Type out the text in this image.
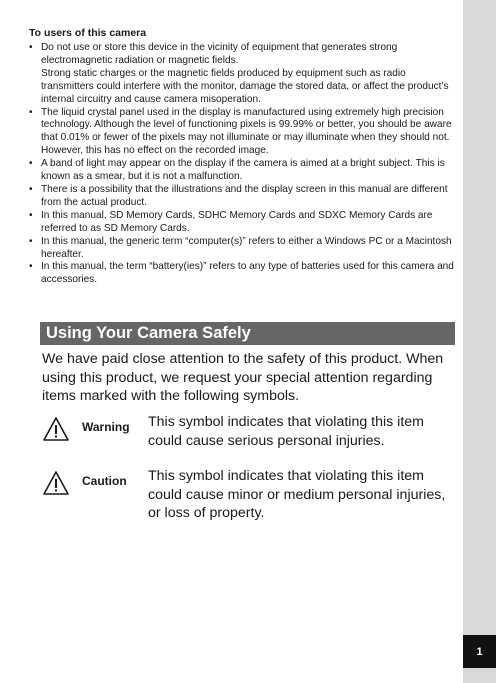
1
To users of this camera
• Do not use or store this device in the vicinity of equipment that generates strong electromagnetic radiation or magnetic fields.
Strong static charges or the magnetic fields produced by equipment such as radio transmitters could interfere with the monitor, damage the stored data, or affect the product’s internal circuitry and cause camera misoperation.
• The liquid crystal panel used in the display is manufactured using extremely high precision technology. Although the level of functioning pixels is 99.99% or better, you should be aware that 0.01% or fewer of the pixels may not illuminate or may illuminate when they should not. However, this has no effect on the recorded image.
• A band of light may appear on the display if the camera is aimed at a bright subject. This is known as a smear, but it is not a malfunction.
• There is a possibility that the illustrations and the display screen in this manual are different from the actual product.
• In this manual, SD Memory Cards, SDHC Memory Cards and SDXC Memory Cards are referred to as SD Memory Cards.
• In this manual, the generic term “computer(s)” refers to either a Windows PC or a Macintosh hereafter.
• In this manual, the term “battery(ies)” refers to any type of batteries used for this camera and accessories.
Using Your Camera Safely
We have paid close attention to the safety of this product. When using this product, we request your special attention regarding items marked with the following symbols.
Warning This symbol indicates that violating this item could cause serious personal injuries.
Caution This symbol indicates that violating this item could cause minor or medium personal injuries, or loss of property.
